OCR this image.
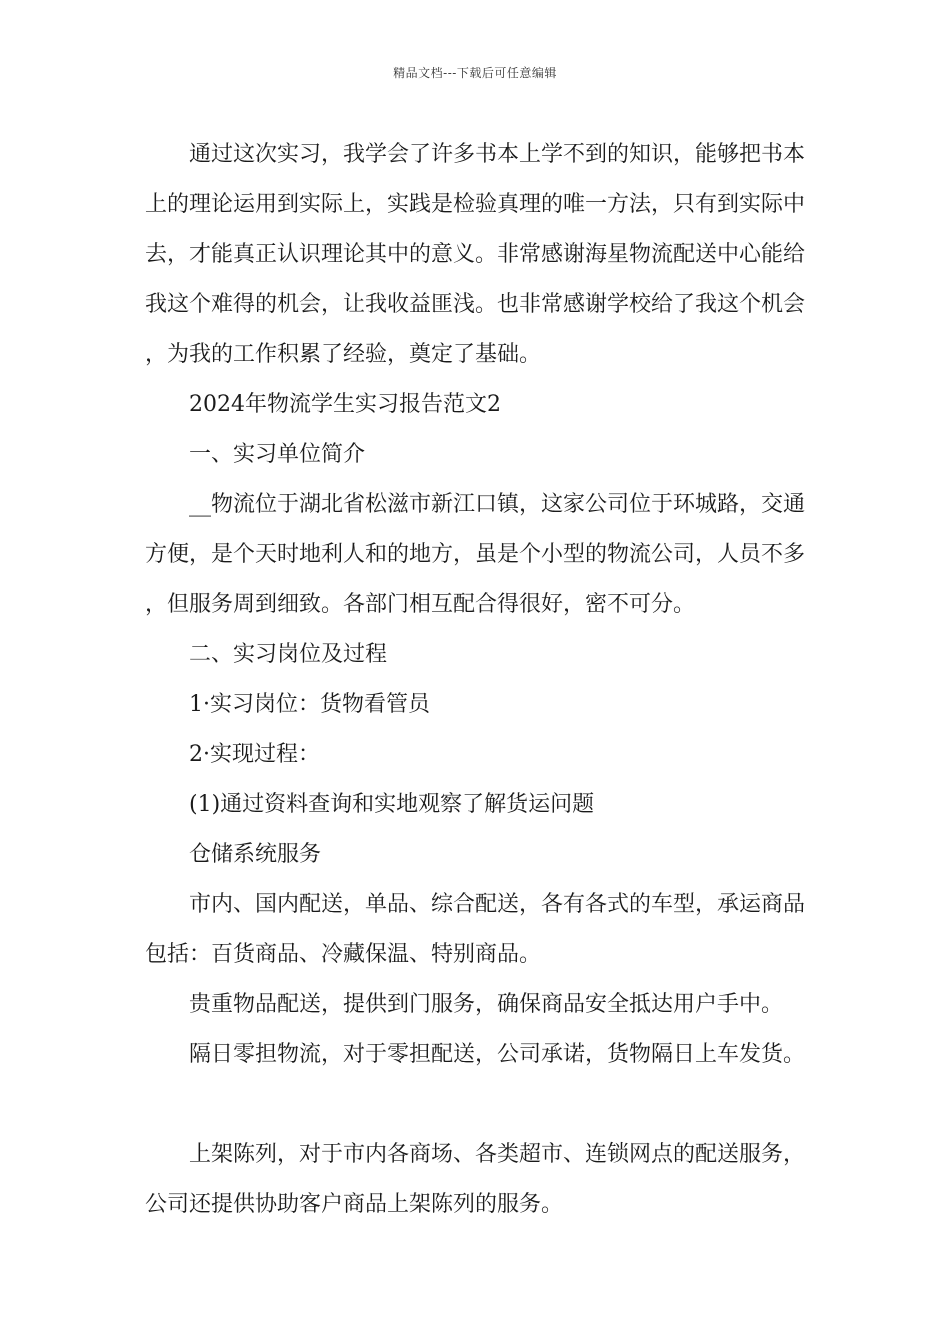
精品文档---下载后可任意编辑

通过这次实习，我学会了许多书本上学不到的知识，能够把书本上的理论运用到实际上，实践是检验真理的唯一方法，只有到实际中去，才能真正认识理论其中的意义。非常感谢海星物流配送中心能给我这个难得的机会，让我收益匪浅。也非常感谢学校给了我这个机会，为我的工作积累了经验，奠定了基础。

2024年物流学生实习报告范文2

一、实习单位简介

__物流位于湖北省松滋市新江口镇，这家公司位于环城路，交通方便，是个天时地利人和的地方，虽是个小型的物流公司，人员不多，但服务周到细致。各部门相互配合得很好，密不可分。

二、实习岗位及过程

1·实习岗位：货物看管员

2·实现过程：

(1)通过资料查询和实地观察了解货运问题

仓储系统服务

市内、国内配送，单品、综合配送，各有各式的车型，承运商品包括：百货商品、冷藏保温、特别商品。

贵重物品配送，提供到门服务，确保商品安全抵达用户手中。

隔日零担物流，对于零担配送，公司承诺，货物隔日上车发货。

上架陈列，对于市内各商场、各类超市、连锁网点的配送服务，公司还提供协助客户商品上架陈列的服务。
